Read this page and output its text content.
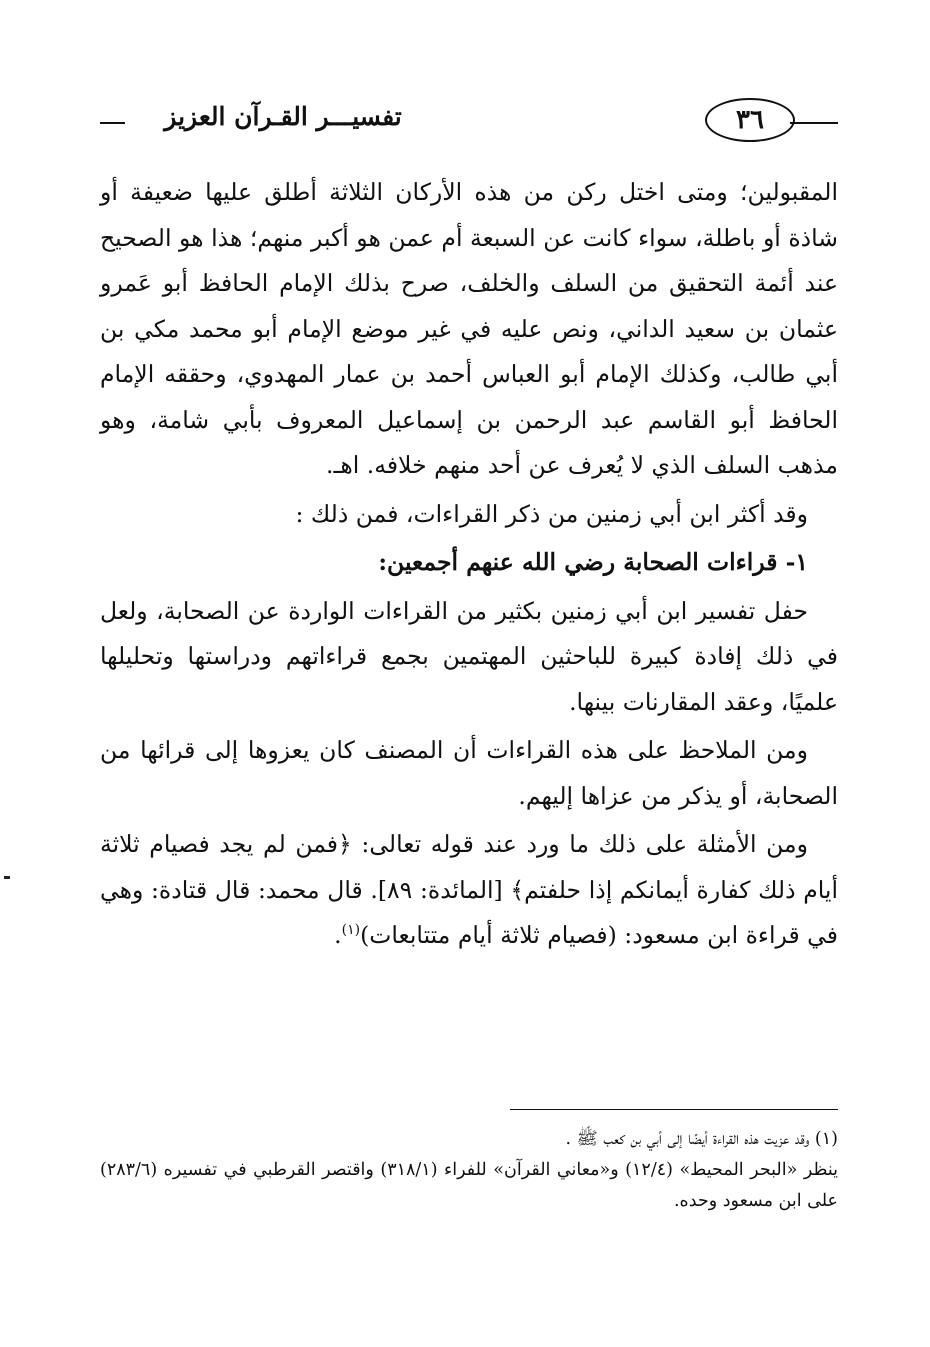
تفسيـــر القـرآن العزيز	٣٦

المقبولين؛ ومتى اختل ركن من هذه الأركان الثلاثة أطلق عليها ضعيفة أو شاذة أو باطلة، سواء كانت عن السبعة أم عمن هو أكبر منهم؛ هذا هو الصحيح عند أئمة التحقيق من السلف والخلف، صرح بذلك الإمام الحافظ أبو عَمرو عثمان بن سعيد الداني، ونص عليه في غير موضع الإمام أبو محمد مكي بن أبي طالب، وكذلك الإمام أبو العباس أحمد بن عمار المهدوي، وحققه الإمام الحافظ أبو القاسم عبد الرحمن بن إسماعيل المعروف بأبي شامة، وهو مذهب السلف الذي لا يُعرف عن أحد منهم خلافه. اهـ.

وقد أكثر ابن أبي زمنين من ذكر القراءات، فمن ذلك :

١- قراءات الصحابة رضي الله عنهم أجمعين:

حفل تفسير ابن أبي زمنين بكثير من القراءات الواردة عن الصحابة، ولعل في ذلك إفادة كبيرة للباحثين المهتمين بجمع قراءاتهم ودراستها وتحليلها علميًا، وعقد المقارنات بينها.

ومن الملاحظ على هذه القراءات أن المصنف كان يعزوها إلى قرائها من الصحابة، أو يذكر من عزاها إليهم.

ومن الأمثلة على ذلك ما ورد عند قوله تعالى: ﴿فمن لم يجد فصيام ثلاثة أيام ذلك كفارة أيمانكم إذا حلفتم﴾ [المائدة: ٨٩]. قال محمد: قال قتادة: وهي في قراءة ابن مسعود: (فصيام ثلاثة أيام متتابعات)$^{(١)}$.

(١) وقد عزيت هذه القراءة أيضًا إلى أبي بن كعب ﷺ .

ينظر «البحر المحيط» (١٢/٤) و«معاني القرآن» للفراء (٣١٨/١) واقتصر القرطبي في تفسيره (٢٨٣/٦) على ابن مسعود وحده.
